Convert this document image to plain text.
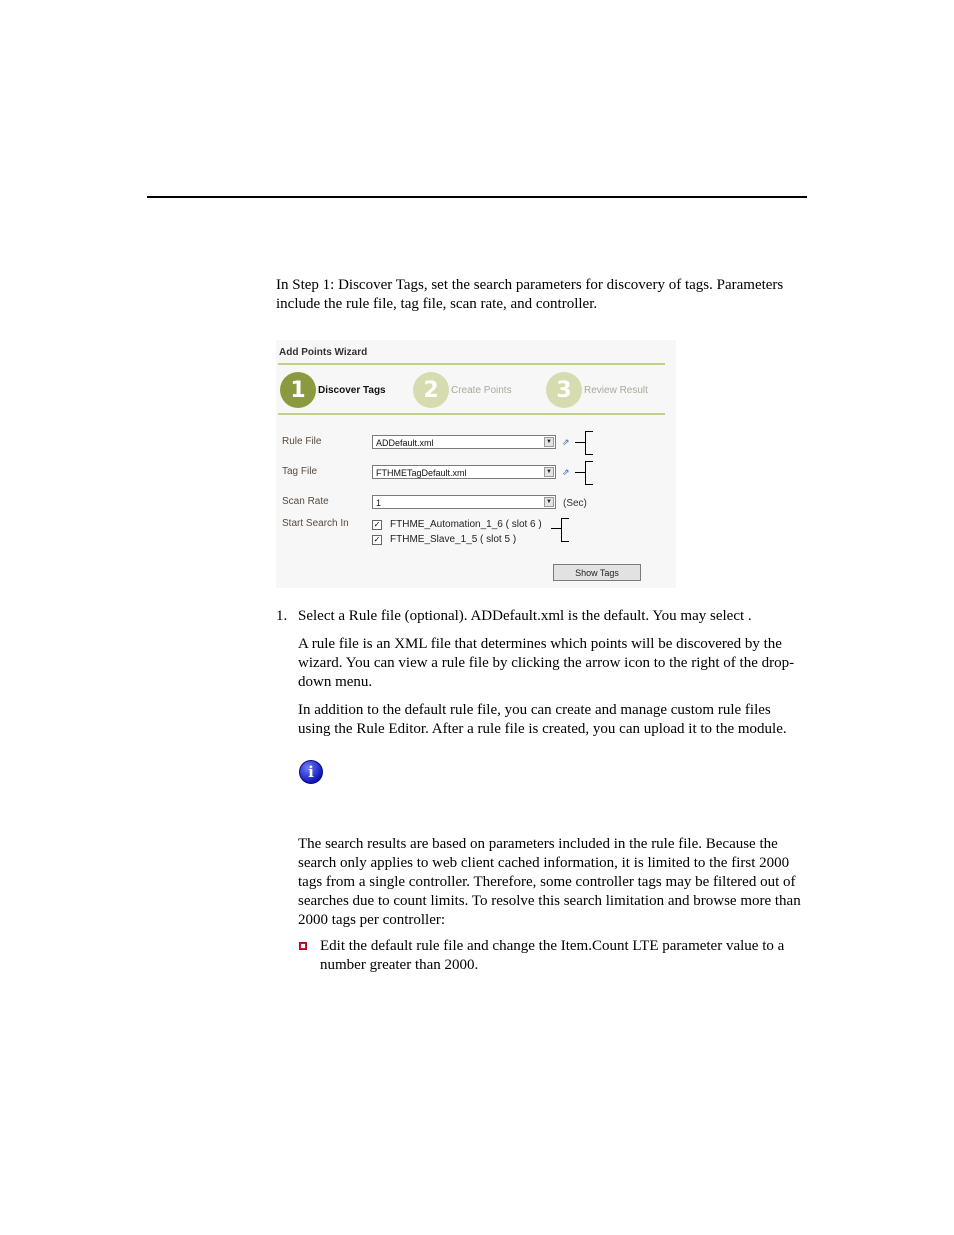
In Step 1: Discover Tags, set the search parameters for discovery of tags. Parameters include the rule file, tag file, scan rate, and controller.

Add Points Wizard
1	Discover Tags	2	Create Points	3	Review Result
Rule File	ADDefault.xml	▼ ⇗
Tag File	FTHMETagDefault.xml	▼ ⇗
Scan Rate	1	▼ (Sec)
Start Search In	✓ FTHME_Automation_1_6 ( slot 6 )
✓ FTHME_Slave_1_5 ( slot 5 )
Show Tags
1. Select a Rule file (optional). ADDefault.xml is the default. You may select .

A rule file is an XML file that determines which points will be discovered by the wizard. You can view a rule file by clicking the arrow icon to the right of the drop-down menu.

In addition to the default rule file, you can create and manage custom rule files using the Rule Editor. After a rule file is created, you can upload it to the module.

i

The search results are based on parameters included in the rule file. Because the search only applies to web client cached information, it is limited to the first 2000 tags from a single controller. Therefore, some controller tags may be filtered out of searches due to count limits. To resolve this search limitation and browse more than 2000 tags per controller:

Edit the default rule file and change the Item.Count LTE parameter value to a number greater than 2000.
